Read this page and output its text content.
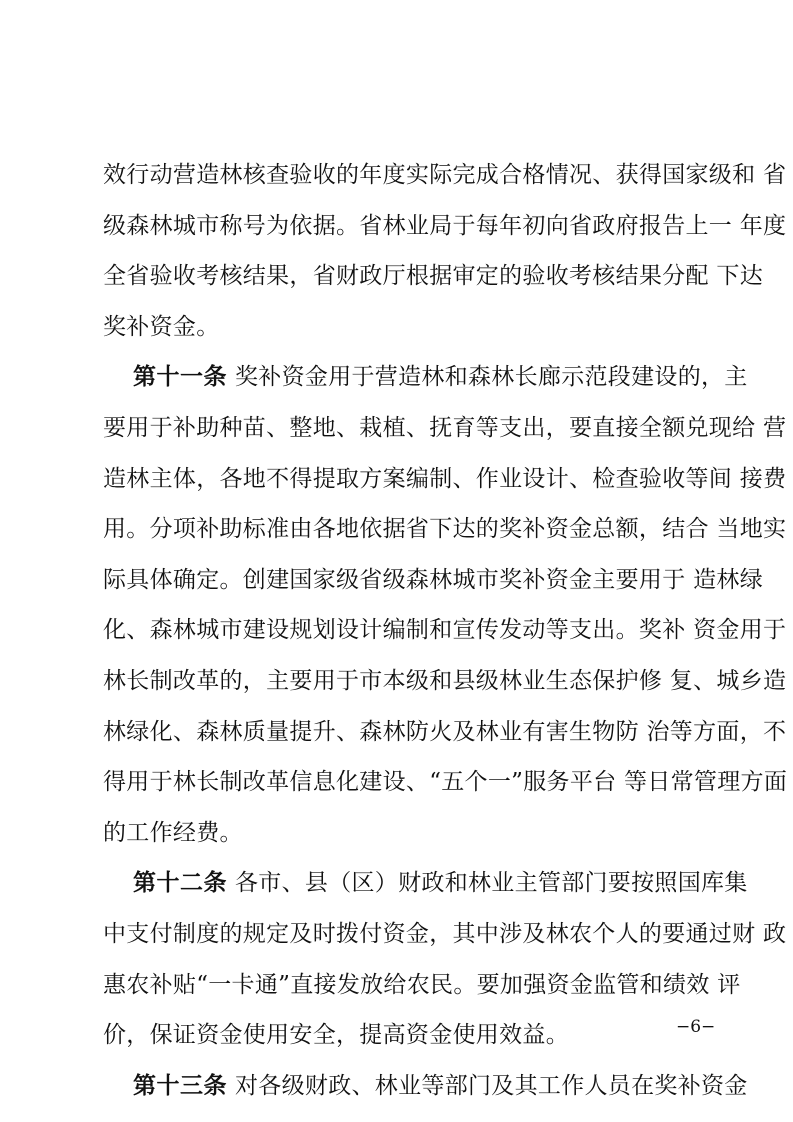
效行动营造林核查验收的年度实际完成合格情况、获得国家级和 省
级森林城市称号为依据。省林业局于每年初向省政府报告上一 年度
全省验收考核结果，省财政厅根据审定的验收考核结果分配 下达
奖补资金。
第十一条 奖补资金用于营造林和森林长廊示范段建设的，主
要用于补助种苗、整地、栽植、抚育等支出，要直接全额兑现给 营
造林主体，各地不得提取方案编制、作业设计、检查验收等间 接费
用。分项补助标准由各地依据省下达的奖补资金总额，结合 当地实
际具体确定。创建国家级省级森林城市奖补资金主要用于 造林绿
化、森林城市建设规划设计编制和宣传发动等支出。奖补 资金用于
林长制改革的，主要用于市本级和县级林业生态保护修 复、城乡造
林绿化、森林质量提升、森林防火及林业有害生物防 治等方面，不
得用于林长制改革信息化建设、“五个一”服务平台 等日常管理方面
的工作经费。
第十二条 各市、县（区）财政和林业主管部门要按照国库集
中支付制度的规定及时拨付资金，其中涉及林农个人的要通过财 政
惠农补贴“一卡通”直接发放给农民。要加强资金监管和绩效 评
价，保证资金使用安全，提高资金使用效益。
第十三条 对各级财政、林业等部门及其工作人员在奖补资金
−6−
